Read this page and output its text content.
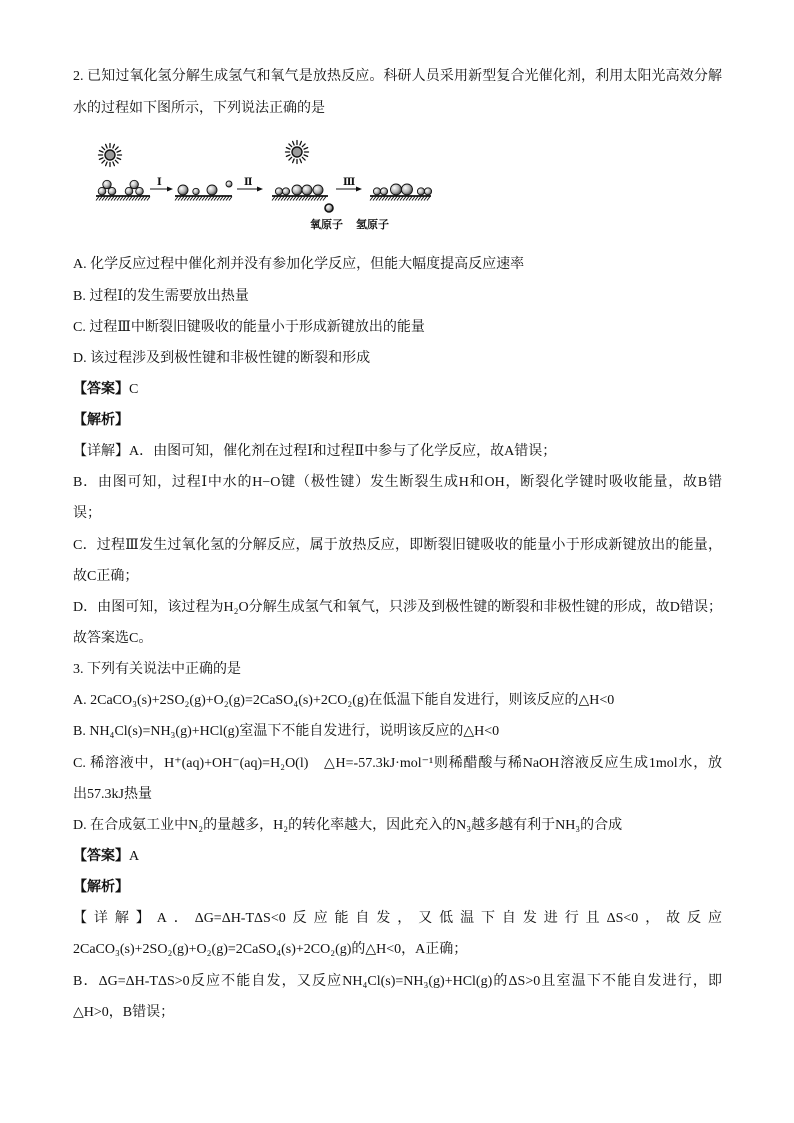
2. 已知过氧化氢分解生成氢气和氧气是放热反应。科研人员采用新型复合光催化剂，利用太阳光高效分解
水的过程如下图所示，下列说法正确的是
A. 化学反应过程中催化剂并没有参加化学反应，但能大幅度提高反应速率
B. 过程Ⅰ的发生需要放出热量
C. 过程Ⅲ中断裂旧键吸收的能量小于形成新键放出的能量
D. 该过程涉及到极性键和非极性键的断裂和形成
【答案】C
【解析】
【详解】A．由图可知，催化剂在过程Ⅰ和过程Ⅱ中参与了化学反应，故A错误；
B．由图可知，过程Ⅰ中水的H−O键（极性键）发生断裂生成H和OH，断裂化学键时吸收能量，故B错
误；
C．过程Ⅲ发生过氧化氢的分解反应，属于放热反应，即断裂旧键吸收的能量小于形成新键放出的能量，
故C正确；
D．由图可知，该过程为H₂O分解生成氢气和氧气，只涉及到极性键的断裂和非极性键的形成，故D错误；
故答案选C。
3. 下列有关说法中正确的是
A. 2CaCO₃(s)+2SO₂(g)+O₂(g)=2CaSO₄(s)+2CO₂(g)在低温下能自发进行，则该反应的△H<0
B. NH₄Cl(s)=NH₃(g)+HCl(g)室温下不能自发进行，说明该反应的△H<0
C. 稀溶液中，H⁺(aq)+OH⁻(aq)=H₂O(l)　△H=-57.3kJ·mol⁻¹则稀醋酸与稀NaOH溶液反应生成1mol水，放
出57.3kJ热量
D. 在合成氨工业中N₂的量越多，H₂的转化率越大，因此充入的N₃越多越有利于NH₃的合成
【答案】A
【解析】
【详解】A．ΔG=ΔH-TΔS<0反应能自发，又低温下自发进行且ΔS<0，故反应
2CaCO₃(s)+2SO₂(g)+O₂(g)=2CaSO₄(s)+2CO₂(g)的△H<0，A正确；
B．ΔG=ΔH-TΔS>0反应不能自发，又反应NH₄Cl(s)=NH₃(g)+HCl(g)的ΔS>0且室温下不能自发进行，即
△H>0，B错误；
Ⅰ	Ⅱ	Ⅲ
氧原子 氢原子
